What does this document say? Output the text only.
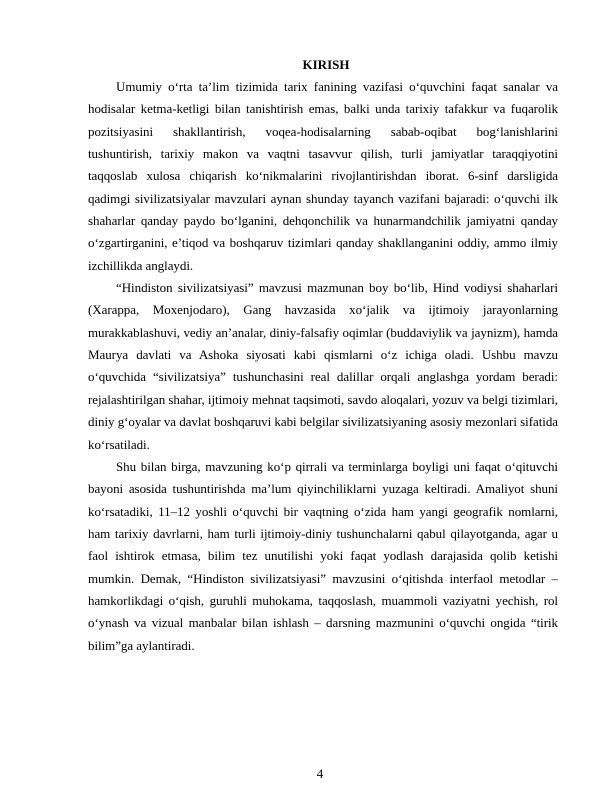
KIRISH

Umumiy o‘rta ta’lim tizimida tarix fanining vazifasi o‘quvchini faqat sanalar va hodisalar ketma-ketligi bilan tanishtirish emas, balki unda tarixiy tafakkur va fuqarolik pozitsiyasini shakllantirish, voqea-hodisalarning sabab-oqibat bog‘lanishlarini tushuntirish, tarixiy makon va vaqtni tasavvur qilish, turli jamiyatlar taraqqiyotini taqqoslab xulosa chiqarish ko‘nikmalarini rivojlantirishdan iborat. 6-sinf darsligida qadimgi sivilizatsiyalar mavzulari aynan shunday tayanch vazifani bajaradi: o‘quvchi ilk shaharlar qanday paydo bo‘lganini, dehqonchilik va hunarmandchilik jamiyatni qanday o‘zgartirganini, e’tiqod va boshqaruv tizimlari qanday shakllanganini oddiy, ammo ilmiy izchillikda anglaydi.

“Hindiston sivilizatsiyasi” mavzusi mazmunan boy bo‘lib, Hind vodiysi shaharlari (Xarappa, Moxenjodaro), Gang havzasida xo‘jalik va ijtimoiy jarayonlarning murakkablashuvi, vediy an’analar, diniy-falsafiy oqimlar (buddaviylik va jaynizm), hamda Maurya davlati va Ashoka siyosati kabi qismlarni o‘z ichiga oladi. Ushbu mavzu o‘quvchida “sivilizatsiya” tushunchasini real dalillar orqali anglashga yordam beradi: rejalashtirilgan shahar, ijtimoiy mehnat taqsimoti, savdo aloqalari, yozuv va belgi tizimlari, diniy g‘oyalar va davlat boshqaruvi kabi belgilar sivilizatsiyaning asosiy mezonlari sifatida ko‘rsatiladi.

Shu bilan birga, mavzuning ko‘p qirrali va terminlarga boyligi uni faqat o‘qituvchi bayoni asosida tushuntirishda ma’lum qiyinchiliklarni yuzaga keltiradi. Amaliyot shuni ko‘rsatadiki, 11–12 yoshli o‘quvchi bir vaqtning o‘zida ham yangi geografik nomlarni, ham tarixiy davrlarni, ham turli ijtimoiy-diniy tushunchalarni qabul qilayotganda, agar u faol ishtirok etmasa, bilim tez unutilishi yoki faqat yodlash darajasida qolib ketishi mumkin. Demak, “Hindiston sivilizatsiyasi” mavzusini o‘qitishda interfaol metodlar – hamkorlikdagi o‘qish, guruhli muhokama, taqqoslash, muammoli vaziyatni yechish, rol o‘ynash va vizual manbalar bilan ishlash – darsning mazmunini o‘quvchi ongida “tirik bilim”ga aylantiradi.

4
